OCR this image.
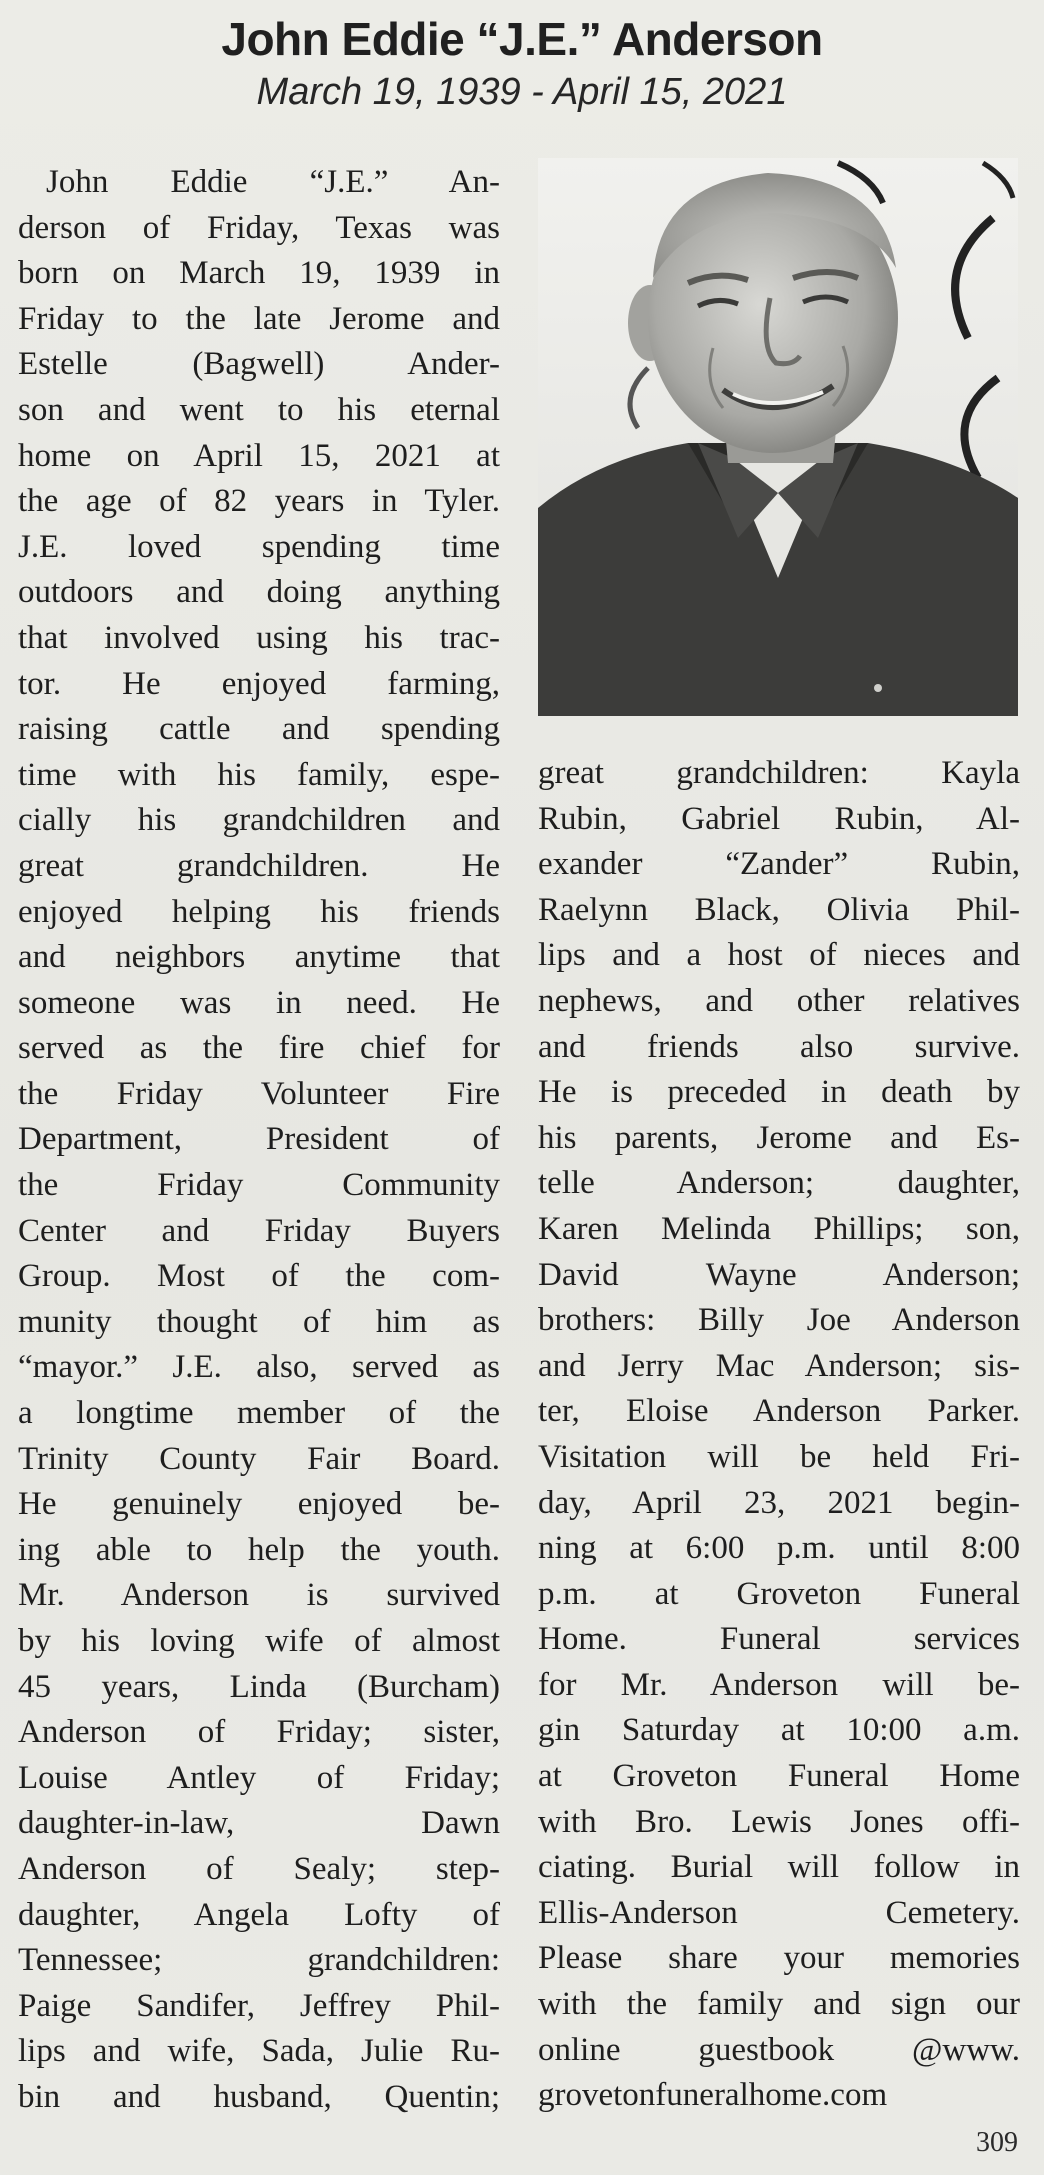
John Eddie “J.E.” Anderson
March 19, 1939 - April 15, 2021
John Eddie “J.E.” An-
derson of Friday, Texas was
born on March 19, 1939 in
Friday to the late Jerome and
Estelle (Bagwell) Ander-
son and went to his eternal
home on April 15, 2021 at
the age of 82 years in Tyler.
J.E. loved spending time
outdoors and doing anything
that involved using his trac-
tor. He enjoyed farming,
raising cattle and spending
time with his family, espe-
cially his grandchildren and
great grandchildren. He
enjoyed helping his friends
and neighbors anytime that
someone was in need. He
served as the fire chief for
the Friday Volunteer Fire
Department, President of
the Friday Community
Center and Friday Buyers
Group. Most of the com-
munity thought of him as
“mayor.” J.E. also, served as
a longtime member of the
Trinity County Fair Board.
He genuinely enjoyed be-
ing able to help the youth.
Mr. Anderson is survived
by his loving wife of almost
45 years, Linda (Burcham)
Anderson of Friday; sister,
Louise Antley of Friday;
daughter-in-law, Dawn
Anderson of Sealy; step-
daughter, Angela Lofty of
Tennessee; grandchildren:
Paige Sandifer, Jeffrey Phil-
lips and wife, Sada, Julie Ru-
bin and husband, Quentin;
great grandchildren: Kayla
Rubin, Gabriel Rubin, Al-
exander “Zander” Rubin,
Raelynn Black, Olivia Phil-
lips and a host of nieces and
nephews, and other relatives
and friends also survive.
He is preceded in death by
his parents, Jerome and Es-
telle Anderson; daughter,
Karen Melinda Phillips; son,
David Wayne Anderson;
brothers: Billy Joe Anderson
and Jerry Mac Anderson; sis-
ter, Eloise Anderson Parker.
Visitation will be held Fri-
day, April 23, 2021 begin-
ning at 6:00 p.m. until 8:00
p.m. at Groveton Funeral
Home. Funeral services
for Mr. Anderson will be-
gin Saturday at 10:00 a.m.
at Groveton Funeral Home
with Bro. Lewis Jones offi-
ciating. Burial will follow in
Ellis-Anderson Cemetery.
Please share your memories
with the family and sign our
online guestbook @www.
grovetonfuneralhome.com
309
